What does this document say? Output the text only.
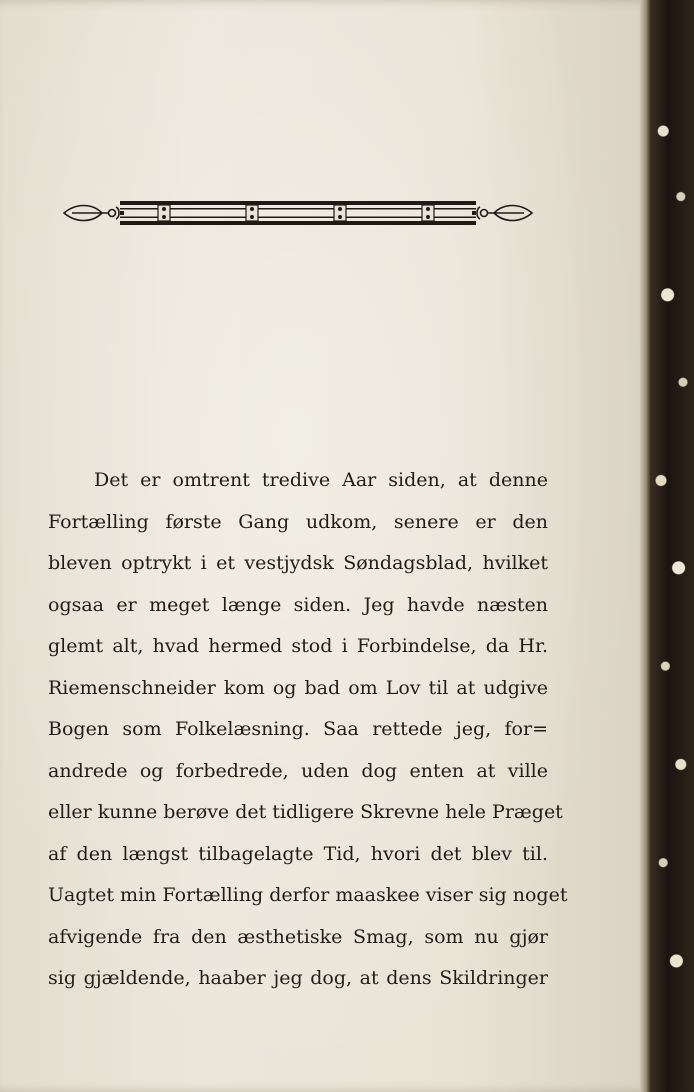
Det er omtrent tredive Aar siden, at denne
Fortælling første Gang udkom, senere er den
bleven optrykt i et vestjydsk Søndagsblad, hvilket
ogsaa er meget længe siden. Jeg havde næsten
glemt alt, hvad hermed stod i Forbindelse, da Hr.
Riemenschneider kom og bad om Lov til at udgive
Bogen som Folkelæsning. Saa rettede jeg, for=
andrede og forbedrede, uden dog enten at ville
eller kunne berøve det tidligere Skrevne hele Præget
af den længst tilbagelagte Tid, hvori det blev til.
Uagtet min Fortælling derfor maaskee viser sig noget
afvigende fra den æsthetiske Smag, som nu gjør
sig gjældende, haaber jeg dog, at dens Skildringer
